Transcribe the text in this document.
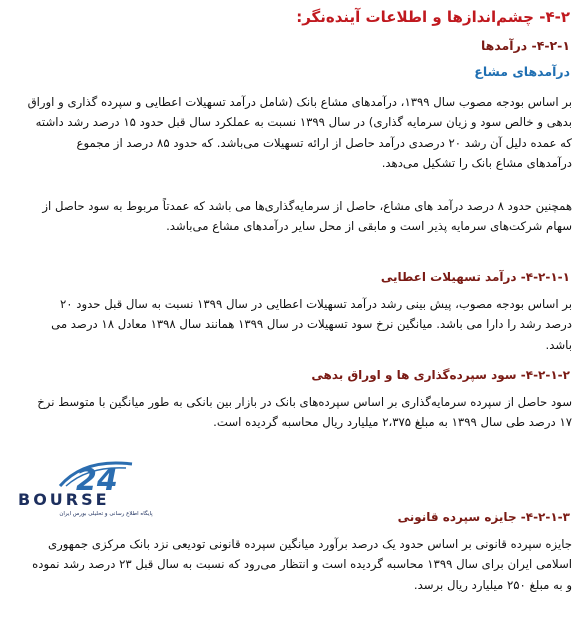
۴-۲- چشم‌اندازها و اطلاعات آینده‌نگر:
۴-۲-۱- درآمدها
درآمدهای مشاع
بر اساس بودجه مصوب سال ۱۳۹۹، درآمدهای مشاع بانک (شامل درآمد تسهیلات اعطایی و سپرده گذاری و اوراق
بدهی و خالص سود و زیان سرمایه گذاری) در سال ۱۳۹۹ نسبت به عملکرد سال قبل حدود ۱۵ درصد رشد داشته
که عمده دلیل آن رشد ۲۰ درصدی درآمد حاصل از ارائه تسهیلات می‌باشد. که حدود ۸۵ درصد از مجموع
درآمدهای مشاع بانک را تشکیل می‌دهد.
همچنین حدود ۸ درصد درآمد های مشاع، حاصل از سرمایه‌گذاری‌ها می باشد که عمدتاً مربوط به سود حاصل از
سهام شرکت‌های سرمایه پذیر است و مابقی از محل سایر درآمدهای مشاع می‌باشد.
۴-۲-۱-۱- درآمد تسهیلات اعطایی
بر اساس بودجه مصوب، پیش بینی رشد درآمد تسهیلات اعطایی در سال ۱۳۹۹ نسبت به سال قبل حدود ۲۰
درصد رشد را دارا می باشد. میانگین نرخ سود تسهیلات در سال ۱۳۹۹ همانند سال ۱۳۹۸ معادل ۱۸ درصد می
باشد.
۴-۲-۱-۲- سود سپرده‌گذاری ها و اوراق بدهی
سود حاصل از سپرده سرمایه‌گذاری بر اساس سپرده‌های بانک در بازار بین بانکی به طور میانگین با متوسط نرخ
۱۷ درصد طی سال ۱۳۹۹ به مبلغ ۲،۳۷۵ میلیارد ریال محاسبه گردیده است.
۴-۲-۱-۳- جایزه سپرده قانونی
جایزه سپرده قانونی بر اساس حدود یک درصد برآورد میانگین سپرده قانونی تودیعی نزد بانک مرکزی جمهوری
اسلامی ایران برای سال ۱۳۹۹ محاسبه گردیده است و انتظار می‌رود که نسبت به سال قبل ۲۳ درصد رشد نموده
و به مبلغ ۲۵۰ میلیارد ریال برسد.
24
BOURSE
پایگاه اطلاع رسانی و تحلیلی بورس ایران
